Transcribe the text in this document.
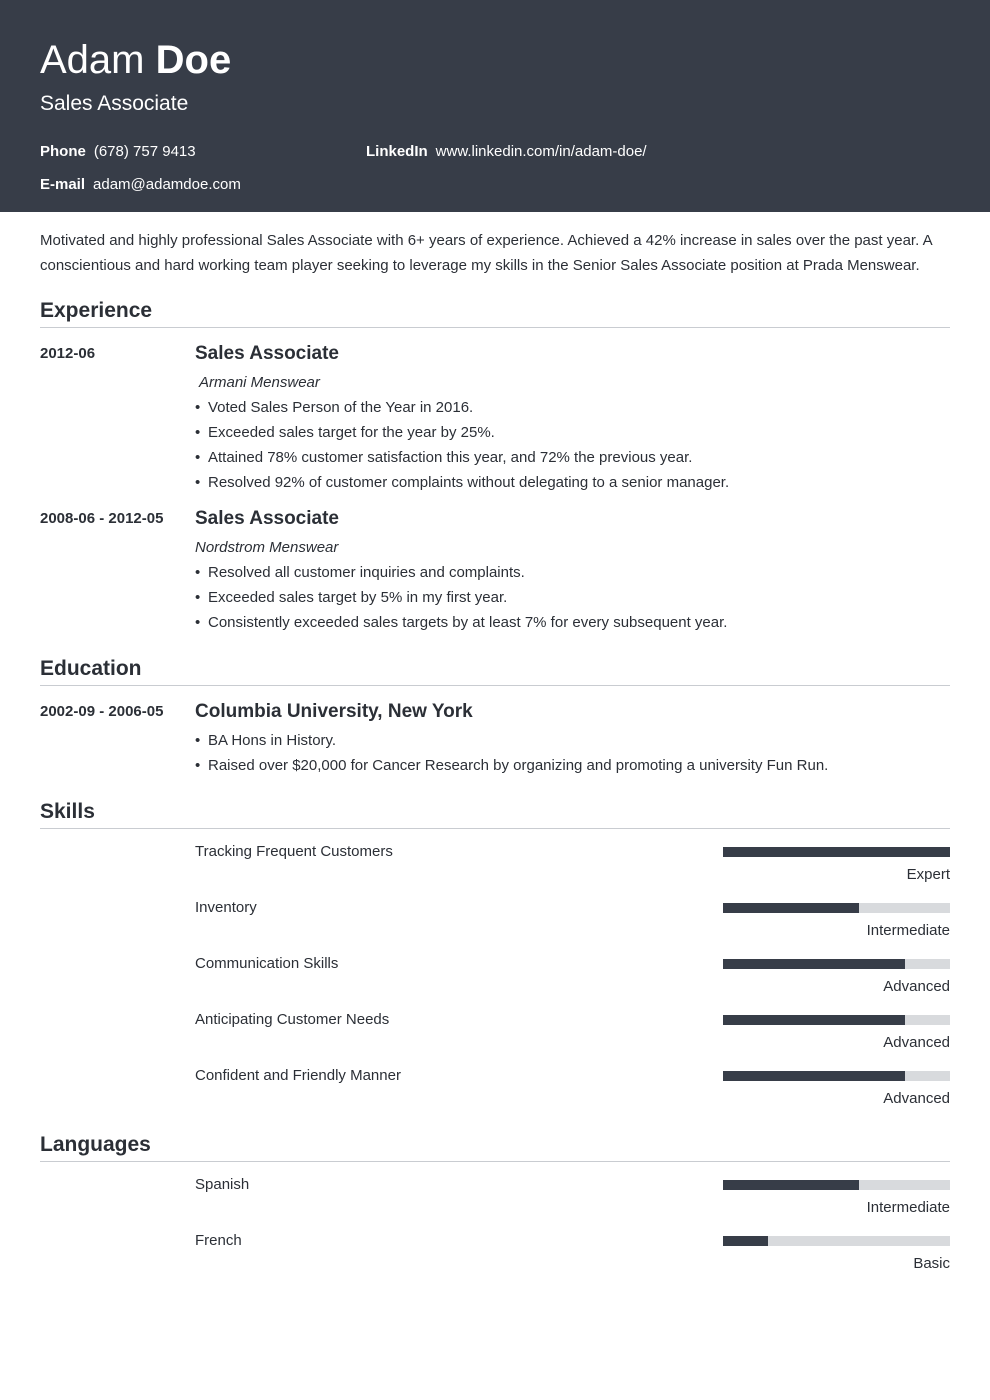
Adam Doe
Sales Associate
Phone (678) 757 9413	LinkedIn www.linkedin.com/in/adam-doe/
E-mail adam@adamdoe.com
Motivated and highly professional Sales Associate with 6+ years of experience. Achieved a 42% increase in sales over the past year. A
conscientious and hard working team player seeking to leverage my skills in the Senior Sales Associate position at Prada Menswear.
Experience
2012-06	Sales Associate
Armani Menswear
• Voted Sales Person of the Year in 2016.
• Exceeded sales target for the year by 25%.
• Attained 78% customer satisfaction this year, and 72% the previous year.
• Resolved 92% of customer complaints without delegating to a senior manager.
2008-06 - 2012-05 Sales Associate
Nordstrom Menswear
• Resolved all customer inquiries and complaints.
• Exceeded sales target by 5% in my first year.
• Consistently exceeded sales targets by at least 7% for every subsequent year.
Education
2002-09 - 2006-05 Columbia University, New York
• BA Hons in History.
• Raised over $20,000 for Cancer Research by organizing and promoting a university Fun Run.
Skills
Tracking Frequent Customers
Expert
Inventory
Intermediate
Communication Skills
Advanced
Anticipating Customer Needs
Advanced
Confident and Friendly Manner
Advanced
Languages
Spanish
Intermediate
French
Basic
